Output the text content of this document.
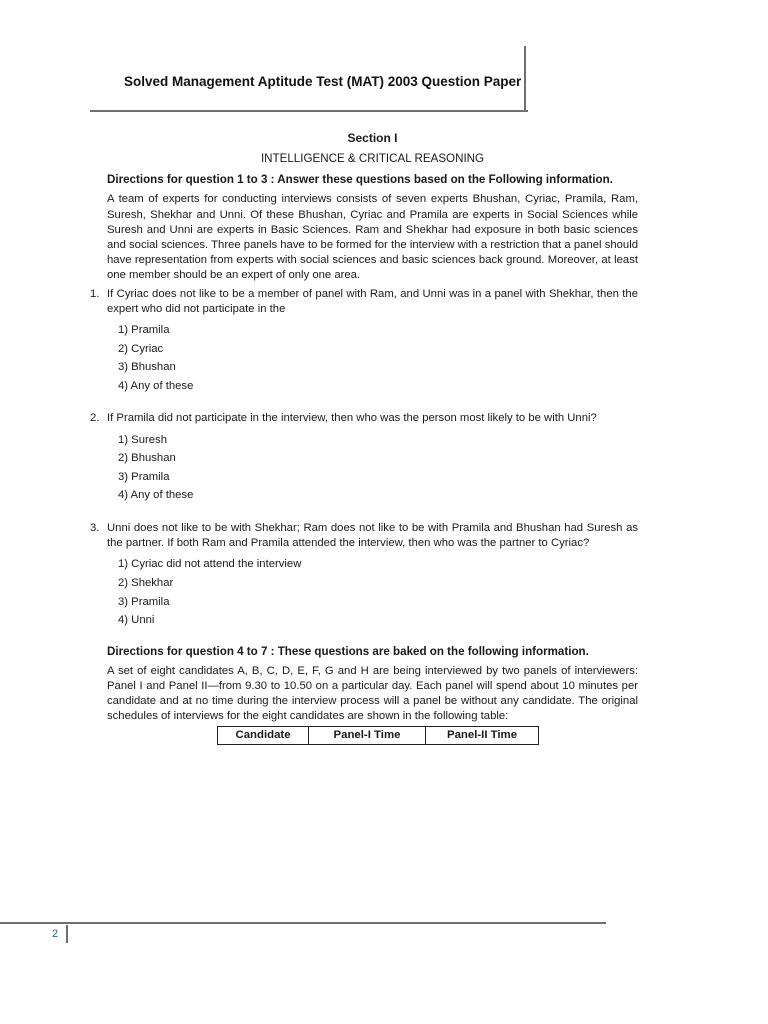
Solved Management Aptitude Test (MAT) 2003 Question Paper

Section I

INTELLIGENCE & CRITICAL REASONING

Directions for question 1 to 3 : Answer these questions based on the Following information.

A team of experts for conducting interviews consists of seven experts Bhushan, Cyriac, Pramila, Ram, Suresh, Shekhar and Unni. Of these Bhushan, Cyriac and Pramila are experts in Social Sciences while Suresh and Unni are experts in Basic Sciences. Ram and Shekhar had exposure in both basic sciences and social sciences. Three panels have to be formed for the interview with a restriction that a panel should have representation from experts with social sciences and basic sciences back ground. Moreover, at least one member should be an expert of only one area.

1. If Cyriac does not like to be a member of panel with Ram, and Unni was in a panel with Shekhar, then the expert who did not participate in the
1) Pramila
2) Cyriac
3) Bhushan
4) Any of these
2. If Pramila did not participate in the interview, then who was the person most likely to be with Unni?
1) Suresh
2) Bhushan
3) Pramila
4) Any of these
3. Unni does not like to be with Shekhar; Ram does not like to be with Pramila and Bhushan had Suresh as the partner. If both Ram and Pramila attended the interview, then who was the partner to Cyriac?
1) Cyriac did not attend the interview
2) Shekhar
3) Pramila
4) Unni

Directions for question 4 to 7 : These questions are baked on the following information.

A set of eight candidates A, B, C, D, E, F, G and H are being interviewed by two panels of interviewers: Panel I and Panel II—from 9.30 to 10.50 on a particular day. Each panel will spend about 10 minutes per candidate and at no time during the interview process will a panel be without any candidate. The original schedules of interviews for the eight candidates are shown in the following table:

Candidate	Panel-I Time	Panel-II Time
2
